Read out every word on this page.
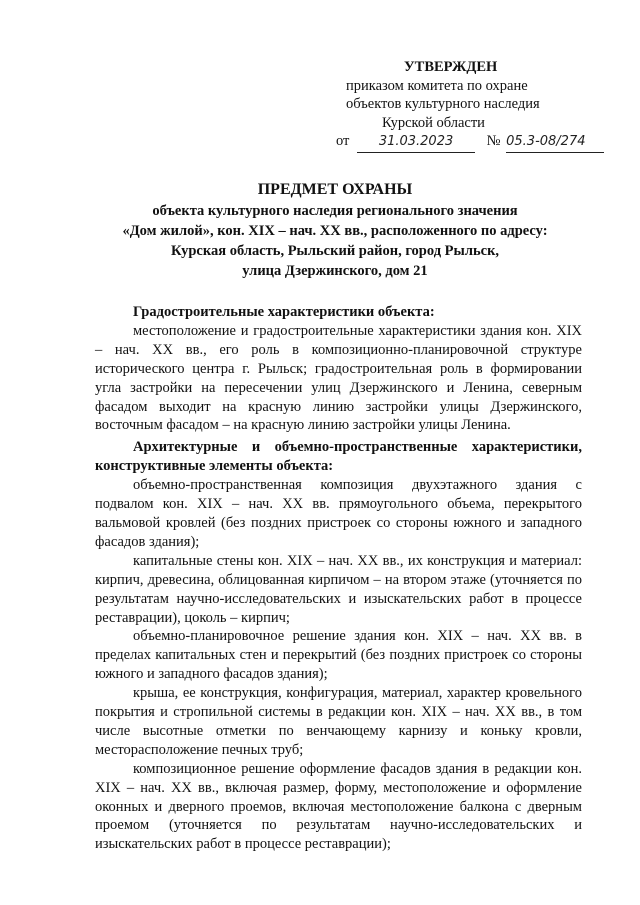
УТВЕРЖДЕН
приказом комитета по охране
объектов культурного наследия
Курской области
от 31.03.2023 № 05.3-08/274
ПРЕДМЕТ ОХРАНЫ
объекта культурного наследия регионального значения
«Дом жилой», кон. XIX – нач. XX вв., расположенного по адресу:
Курская область, Рыльский район, город Рыльск,
улица Дзержинского, дом 21

Градостроительные характеристики объекта:

местоположение и градостроительные характеристики здания кон. XIX – нач. XX вв., его роль в композиционно-планировочной структуре исторического центра г. Рыльск; градостроительная роль в формировании угла застройки на пересечении улиц Дзержинского и Ленина, северным фасадом выходит на красную линию застройки улицы Дзержинского, восточным фасадом – на красную линию застройки улицы Ленина.

Архитектурные и объемно-пространственные характеристики, конструктивные элементы объекта:

объемно-пространственная композиция двухэтажного здания с подвалом кон. XIX – нач. XX вв. прямоугольного объема, перекрытого вальмовой кровлей (без поздних пристроек со стороны южного и западного фасадов здания);

капитальные стены кон. XIX – нач. XX вв., их конструкция и материал: кирпич, древесина, облицованная кирпичом – на втором этаже (уточняется по результатам научно-исследовательских и изыскательских работ в процессе реставрации), цоколь – кирпич;

объемно-планировочное решение здания кон. XIX – нач. XX вв. в пределах капитальных стен и перекрытий (без поздних пристроек со стороны южного и западного фасадов здания);

крыша, ее конструкция, конфигурация, материал, характер кровельного покрытия и стропильной системы в редакции кон. XIX – нач. XX вв., в том числе высотные отметки по венчающему карнизу и коньку кровли, месторасположение печных труб;

композиционное решение оформление фасадов здания в редакции кон. XIX – нач. XX вв., включая размер, форму, местоположение и оформление оконных и дверного проемов, включая местоположение балкона с дверным проемом (уточняется по результатам научно-исследовательских и изыскательских работ в процессе реставрации);
